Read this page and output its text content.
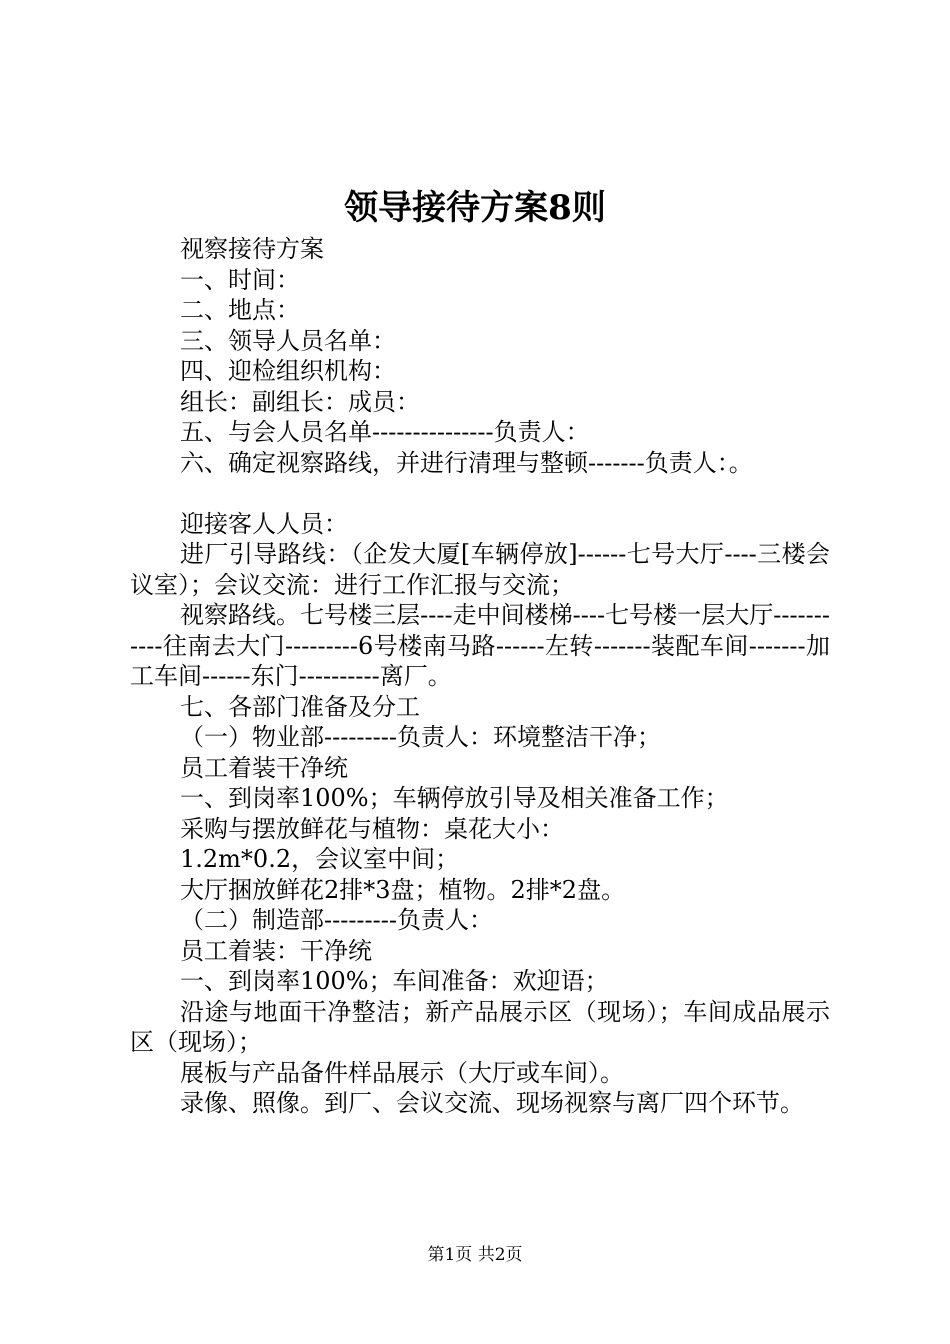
领导接待方案8则

视察接待方案

一、时间：

二、地点：

三、领导人员名单：

四、迎检组织机构：

组长：副组长：成员：

五、与会人员名单---------------负责人：

六、确定视察路线，并进行清理与整顿-------负责人：。

迎接客人人员：

进厂引导路线：（企发大厦[车辆停放]------七号大厅----三楼会议室）；会议交流：进行工作汇报与交流；

视察路线。七号楼三层----走中间楼梯----七号楼一层大厅-----------往南去大门---------6号楼南马路------左转-------装配车间-------加工车间------东门----------离厂。

七、各部门准备及分工

（一）物业部---------负责人：环境整洁干净；

员工着装干净统

一、到岗率100%；车辆停放引导及相关准备工作；

采购与摆放鲜花与植物：桌花大小：

1.2m*0.2，会议室中间；

大厅捆放鲜花2排*3盘；植物。2排*2盘。

（二）制造部---------负责人：

员工着装：干净统

一、到岗率100%；车间准备：欢迎语；

沿途与地面干净整洁；新产品展示区（现场）；车间成品展示区（现场）；

展板与产品备件样品展示（大厅或车间）。

录像、照像。到厂、会议交流、现场视察与离厂四个环节。

第1页 共2页
